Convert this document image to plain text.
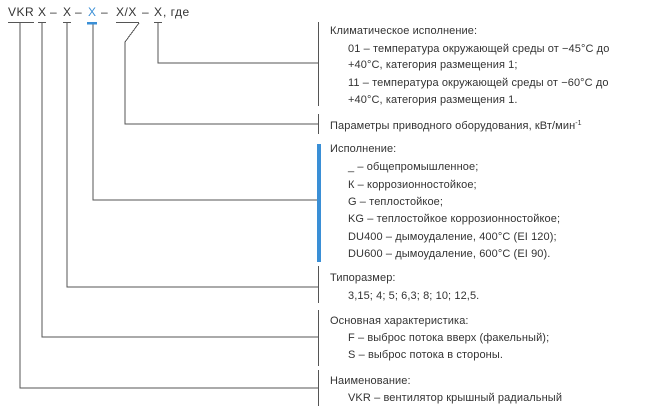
VKR X – X – X – X/X – X , где
Климатическое исполнение:
01 – температура окружающей среды от −45°С до
+40°С, категория размещения 1;
11 – температура окружающей среды от −60°С до
+40°С, категория размещения 1.
Параметры приводного оборудования, кВт/мин$^{-1}$
Исполнение:
_ – общепромышленное;
К – коррозионностойкое;
G – теплостойкое;
KG – теплостойкое коррозионностойкое;
DU400 – дымоудаление, 400°С (EI 120);
DU600 – дымоудаление, 600°С (EI 90).
Типоразмер:
3,15; 4; 5; 6,3; 8; 10; 12,5.
Основная характеристика:
F – выброс потока вверх (факельный);
S – выброс потока в стороны.
Наименование:
VKR – вентилятор крышный радиальный
